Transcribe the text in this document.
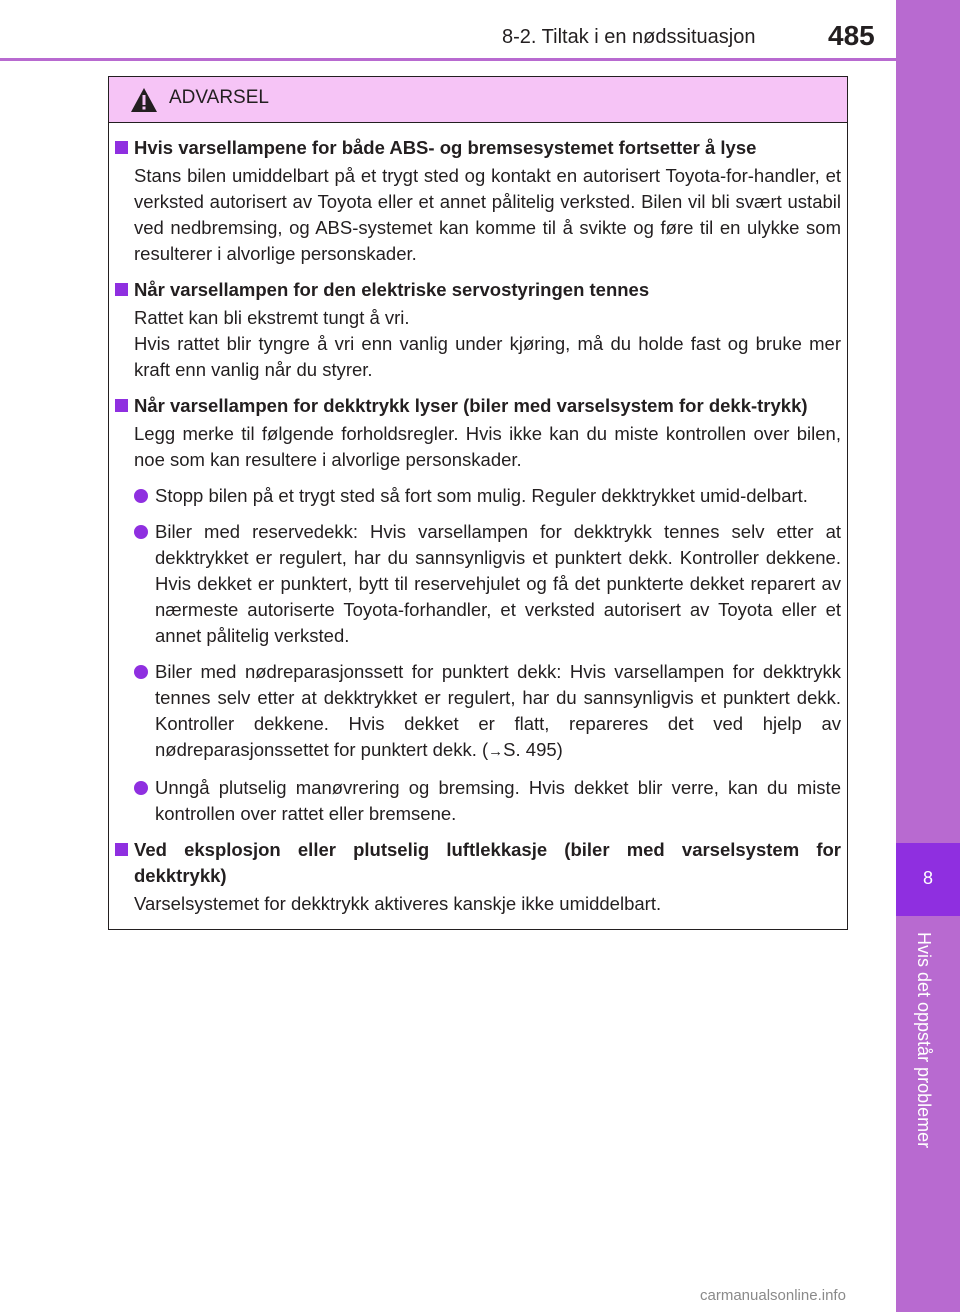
8-2. Tiltak i en nødssituasjon	485
8
Hvis det oppstår problemer
ADVARSEL
Hvis varsellampene for både ABS- og bremsesystemet fortsetter å lyse
Stans bilen umiddelbart på et trygt sted og kontakt en autorisert Toyota-for-handler, et verksted autorisert av Toyota eller et annet pålitelig verksted. Bilen vil bli svært ustabil ved nedbremsing, og ABS-systemet kan komme til å svikte og føre til en ulykke som resulterer i alvorlige personskader.
Når varsellampen for den elektriske servostyringen tennes
Rattet kan bli ekstremt tungt å vri.
Hvis rattet blir tyngre å vri enn vanlig under kjøring, må du holde fast og bruke mer kraft enn vanlig når du styrer.
Når varsellampen for dekktrykk lyser (biler med varselsystem for dekk-trykk)
Legg merke til følgende forholdsregler. Hvis ikke kan du miste kontrollen over bilen, noe som kan resultere i alvorlige personskader.
Stopp bilen på et trygt sted så fort som mulig. Reguler dekktrykket umid-delbart.
Biler med reservedekk: Hvis varsellampen for dekktrykk tennes selv etter at dekktrykket er regulert, har du sannsynligvis et punktert dekk. Kontroller dekkene. Hvis dekket er punktert, bytt til reservehjulet og få det punkterte dekket reparert av nærmeste autoriserte Toyota-forhandler, et verksted autorisert av Toyota eller et annet pålitelig verksted.
Biler med nødreparasjonssett for punktert dekk: Hvis varsellampen for dekktrykk tennes selv etter at dekktrykket er regulert, har du sannsynligvis et punktert dekk. Kontroller dekkene. Hvis dekket er flatt, repareres det ved hjelp av nødreparasjonssettet for punktert dekk. (→S. 495)
Unngå plutselig manøvrering og bremsing. Hvis dekket blir verre, kan du miste kontrollen over rattet eller bremsene.
Ved eksplosjon eller plutselig luftlekkasje (biler med varselsystem for dekktrykk)
Varselsystemet for dekktrykk aktiveres kanskje ikke umiddelbart.
carmanualsonline.info
